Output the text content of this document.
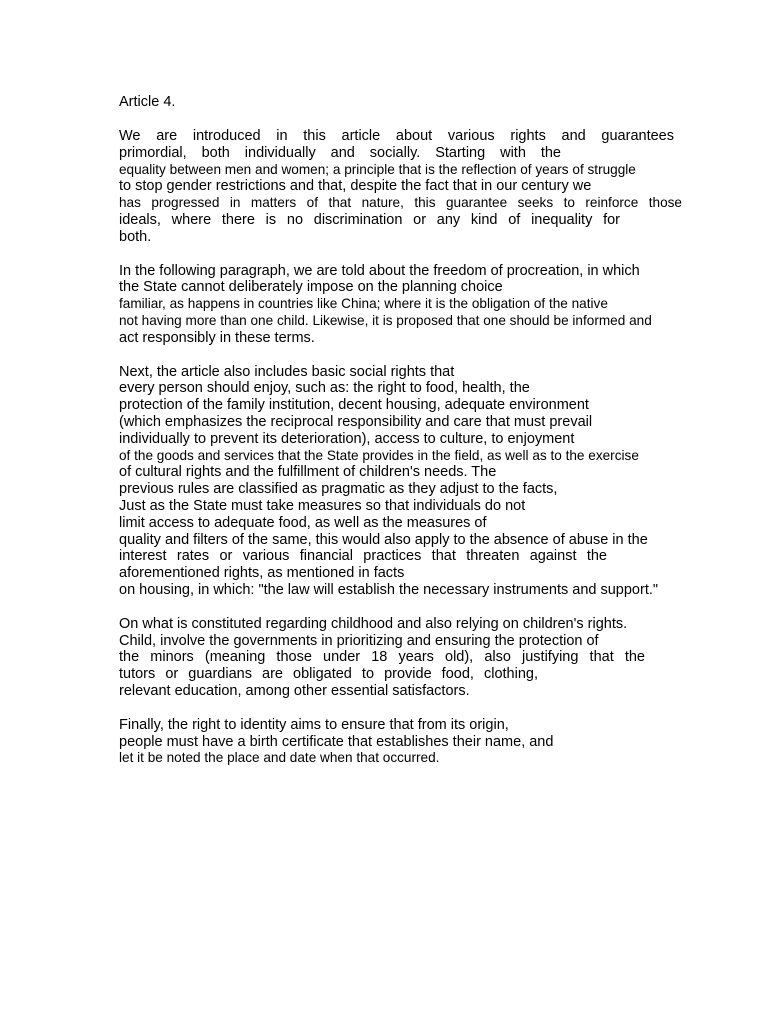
Article 4.
We are introduced in this article about various rights and guarantees
primordial, both individually and socially. Starting with the
equality between men and women; a principle that is the reflection of years of struggle
to stop gender restrictions and that, despite the fact that in our century we
has progressed in matters of that nature, this guarantee seeks to reinforce those
ideals, where there is no discrimination or any kind of inequality for
both.
In the following paragraph, we are told about the freedom of procreation, in which
the State cannot deliberately impose on the planning choice
familiar, as happens in countries like China; where it is the obligation of the native
not having more than one child. Likewise, it is proposed that one should be informed and
act responsibly in these terms.
Next, the article also includes basic social rights that
every person should enjoy, such as: the right to food, health, the
protection of the family institution, decent housing, adequate environment
(which emphasizes the reciprocal responsibility and care that must prevail
individually to prevent its deterioration), access to culture, to enjoyment
of the goods and services that the State provides in the field, as well as to the exercise
of cultural rights and the fulfillment of children's needs. The
previous rules are classified as pragmatic as they adjust to the facts,
Just as the State must take measures so that individuals do not
limit access to adequate food, as well as the measures of
quality and filters of the same, this would also apply to the absence of abuse in the
interest rates or various financial practices that threaten against the
aforementioned rights, as mentioned in facts
on housing, in which: "the law will establish the necessary instruments and support."
On what is constituted regarding childhood and also relying on children's rights.
Child, involve the governments in prioritizing and ensuring the protection of
the minors (meaning those under 18 years old), also justifying that the
tutors or guardians are obligated to provide food, clothing,
relevant education, among other essential satisfactors.
Finally, the right to identity aims to ensure that from its origin,
people must have a birth certificate that establishes their name, and
let it be noted the place and date when that occurred.
